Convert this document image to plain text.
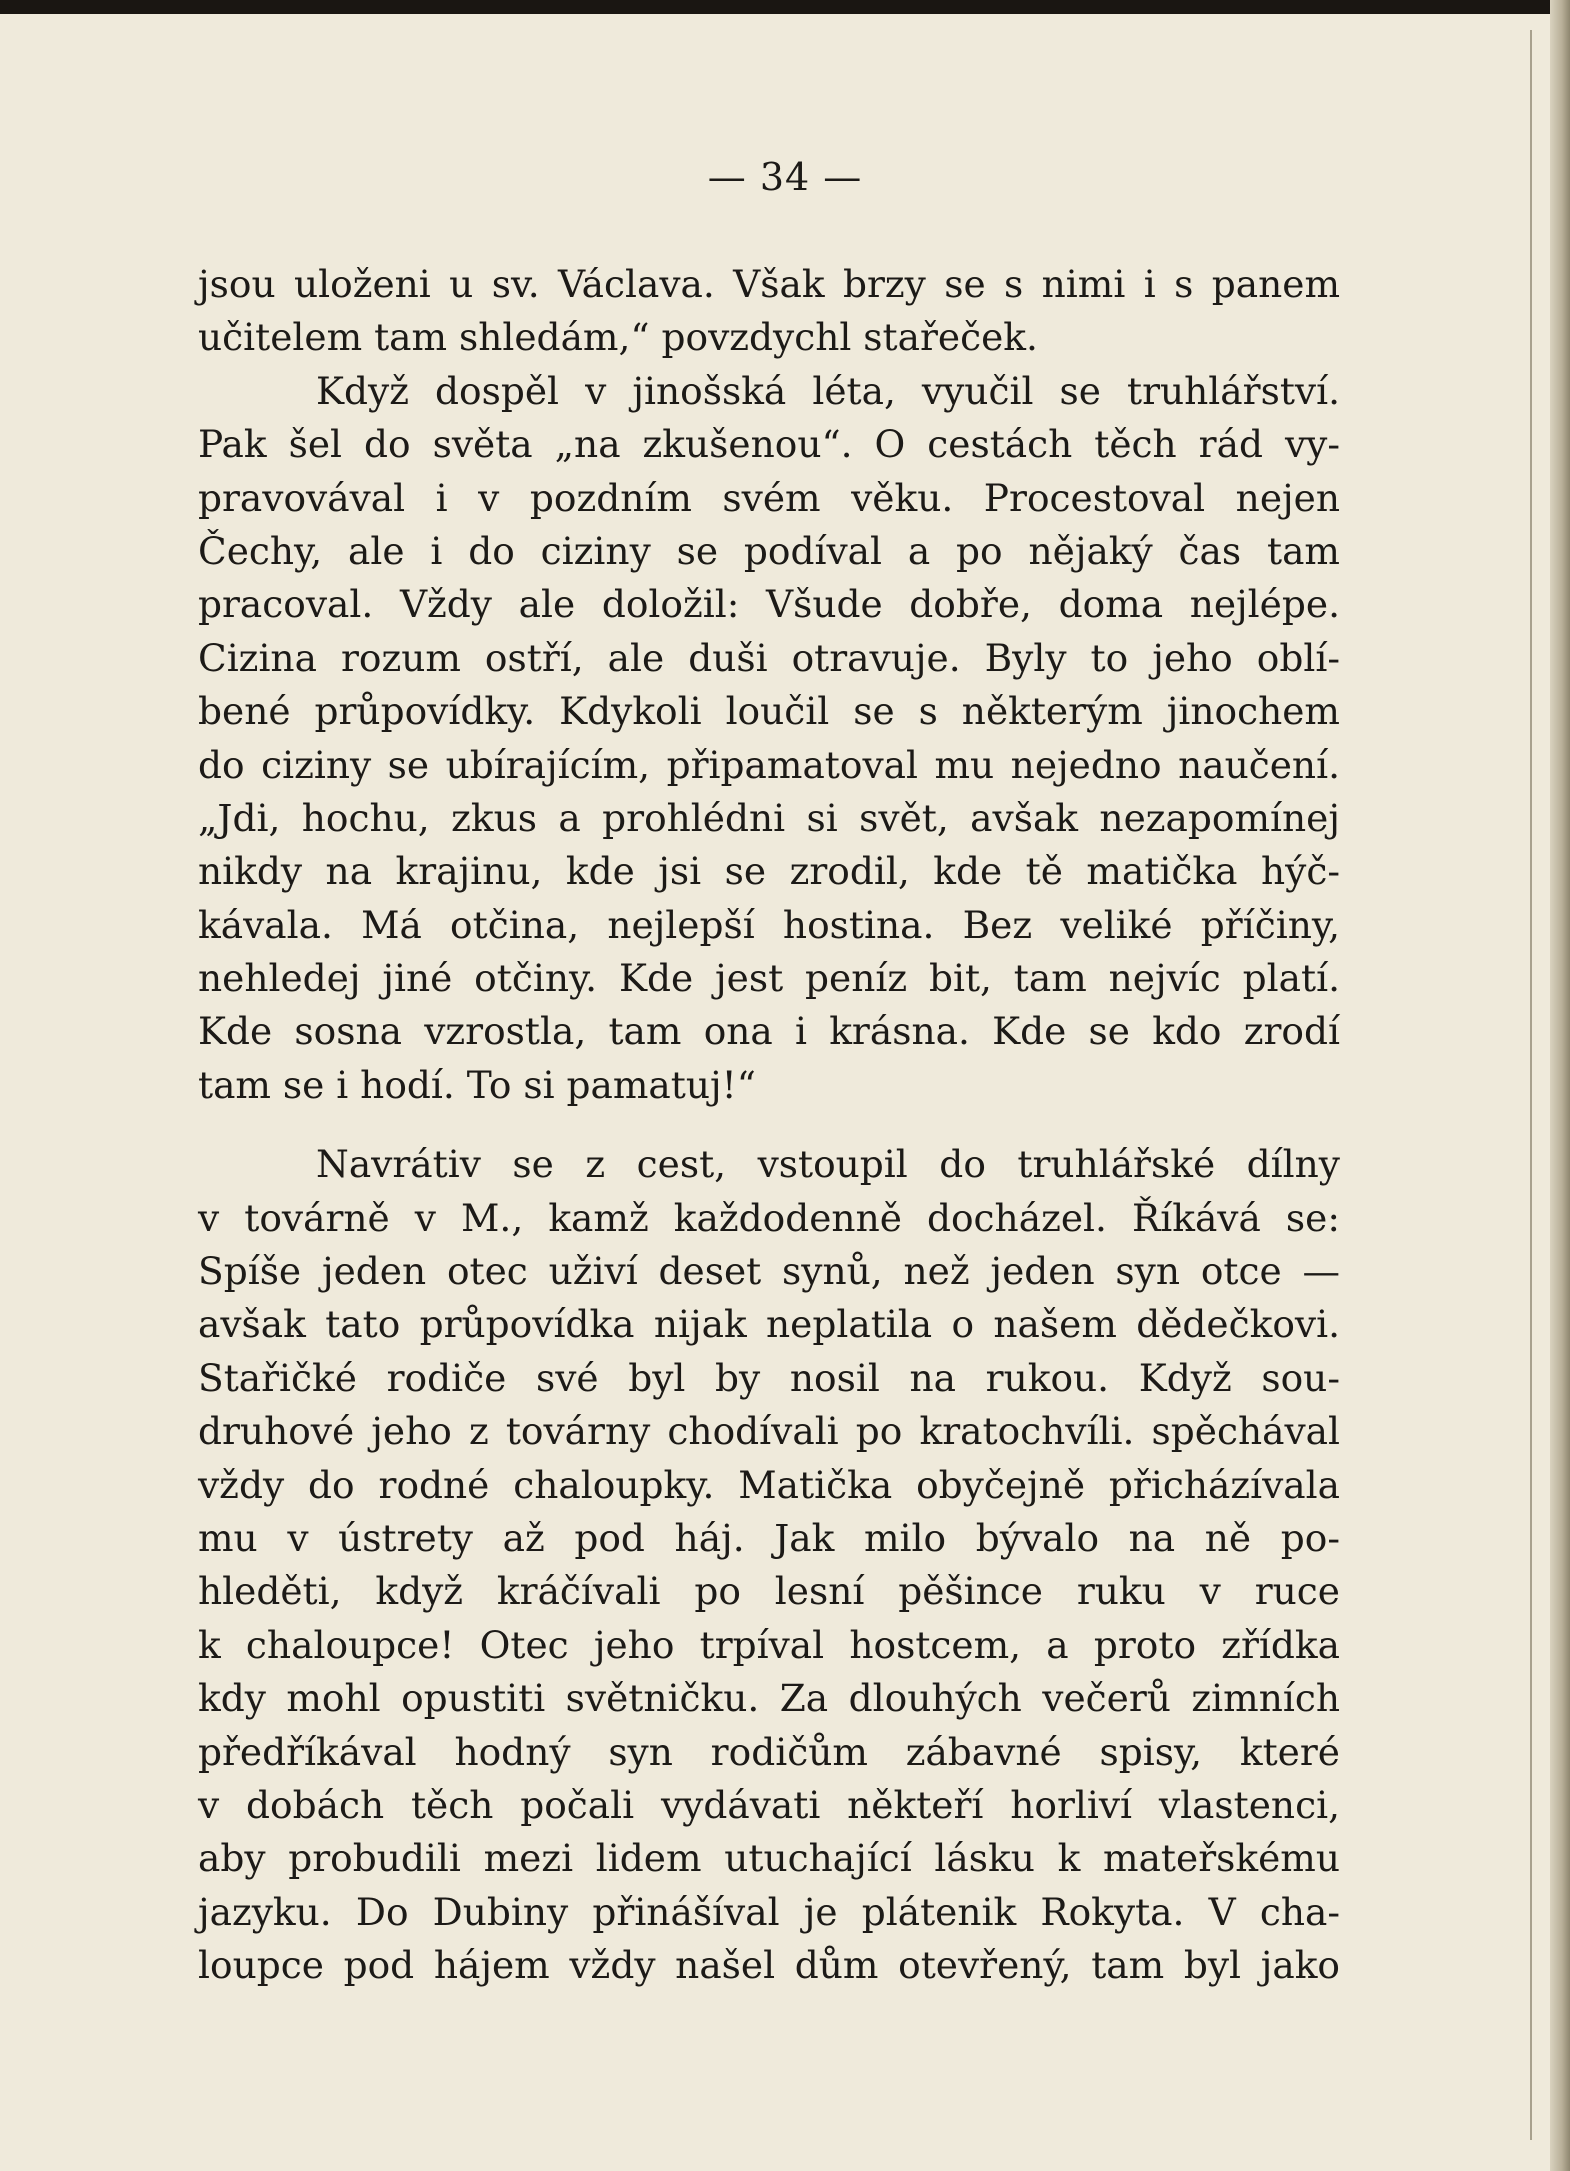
— 34 —
jsou uloženi u sv. Václava. Však brzy se s nimi i s panem
učitelem tam shledám,“ povzdychl stařeček.
Když dospěl v jinošská léta, vyučil se truhlářství.
Pak šel do světa „na zkušenou“. O cestách těch rád vy-
pravovával i v pozdním svém věku. Procestoval nejen
Čechy, ale i do ciziny se podíval a po nějaký čas tam
pracoval. Vždy ale doložil: Všude dobře, doma nejlépe.
Cizina rozum ostří, ale duši otravuje. Byly to jeho oblí-
bené průpovídky. Kdykoli loučil se s některým jinochem
do ciziny se ubírajícím, připamatoval mu nejedno naučení.
„Jdi, hochu, zkus a prohlédni si svět, avšak nezapomínej
nikdy na krajinu, kde jsi se zrodil, kde tě matička hýč-
kávala. Má otčina, nejlepší hostina. Bez veliké příčiny,
nehledej jiné otčiny. Kde jest peníz bit, tam nejvíc platí.
Kde sosna vzrostla, tam ona i krásna. Kde se kdo zrodí
tam se i hodí. To si pamatuj!“
Navrátiv se z cest, vstoupil do truhlářské dílny
v továrně v M., kamž každodenně docházel. Říkává se:
Spíše jeden otec uživí deset synů, než jeden syn otce —
avšak tato průpovídka nijak neplatila o našem dědečkovi.
Stařičké rodiče své byl by nosil na rukou. Když sou-
druhové jeho z továrny chodívali po kratochvíli. spěchával
vždy do rodné chaloupky. Matička obyčejně přicházívala
mu v ústrety až pod háj. Jak milo bývalo na ně po-
hleděti, když kráčívali po lesní pěšince ruku v ruce
k chaloupce! Otec jeho trpíval hostcem, a proto zřídka
kdy mohl opustiti světničku. Za dlouhých večerů zimních
předříkával hodný syn rodičům zábavné spisy, které
v dobách těch počali vydávati někteří horliví vlastenci,
aby probudili mezi lidem utuchající lásku k mateřskému
jazyku. Do Dubiny přinášíval je plátenik Rokyta. V cha-
loupce pod hájem vždy našel dům otevřený, tam byl jako
